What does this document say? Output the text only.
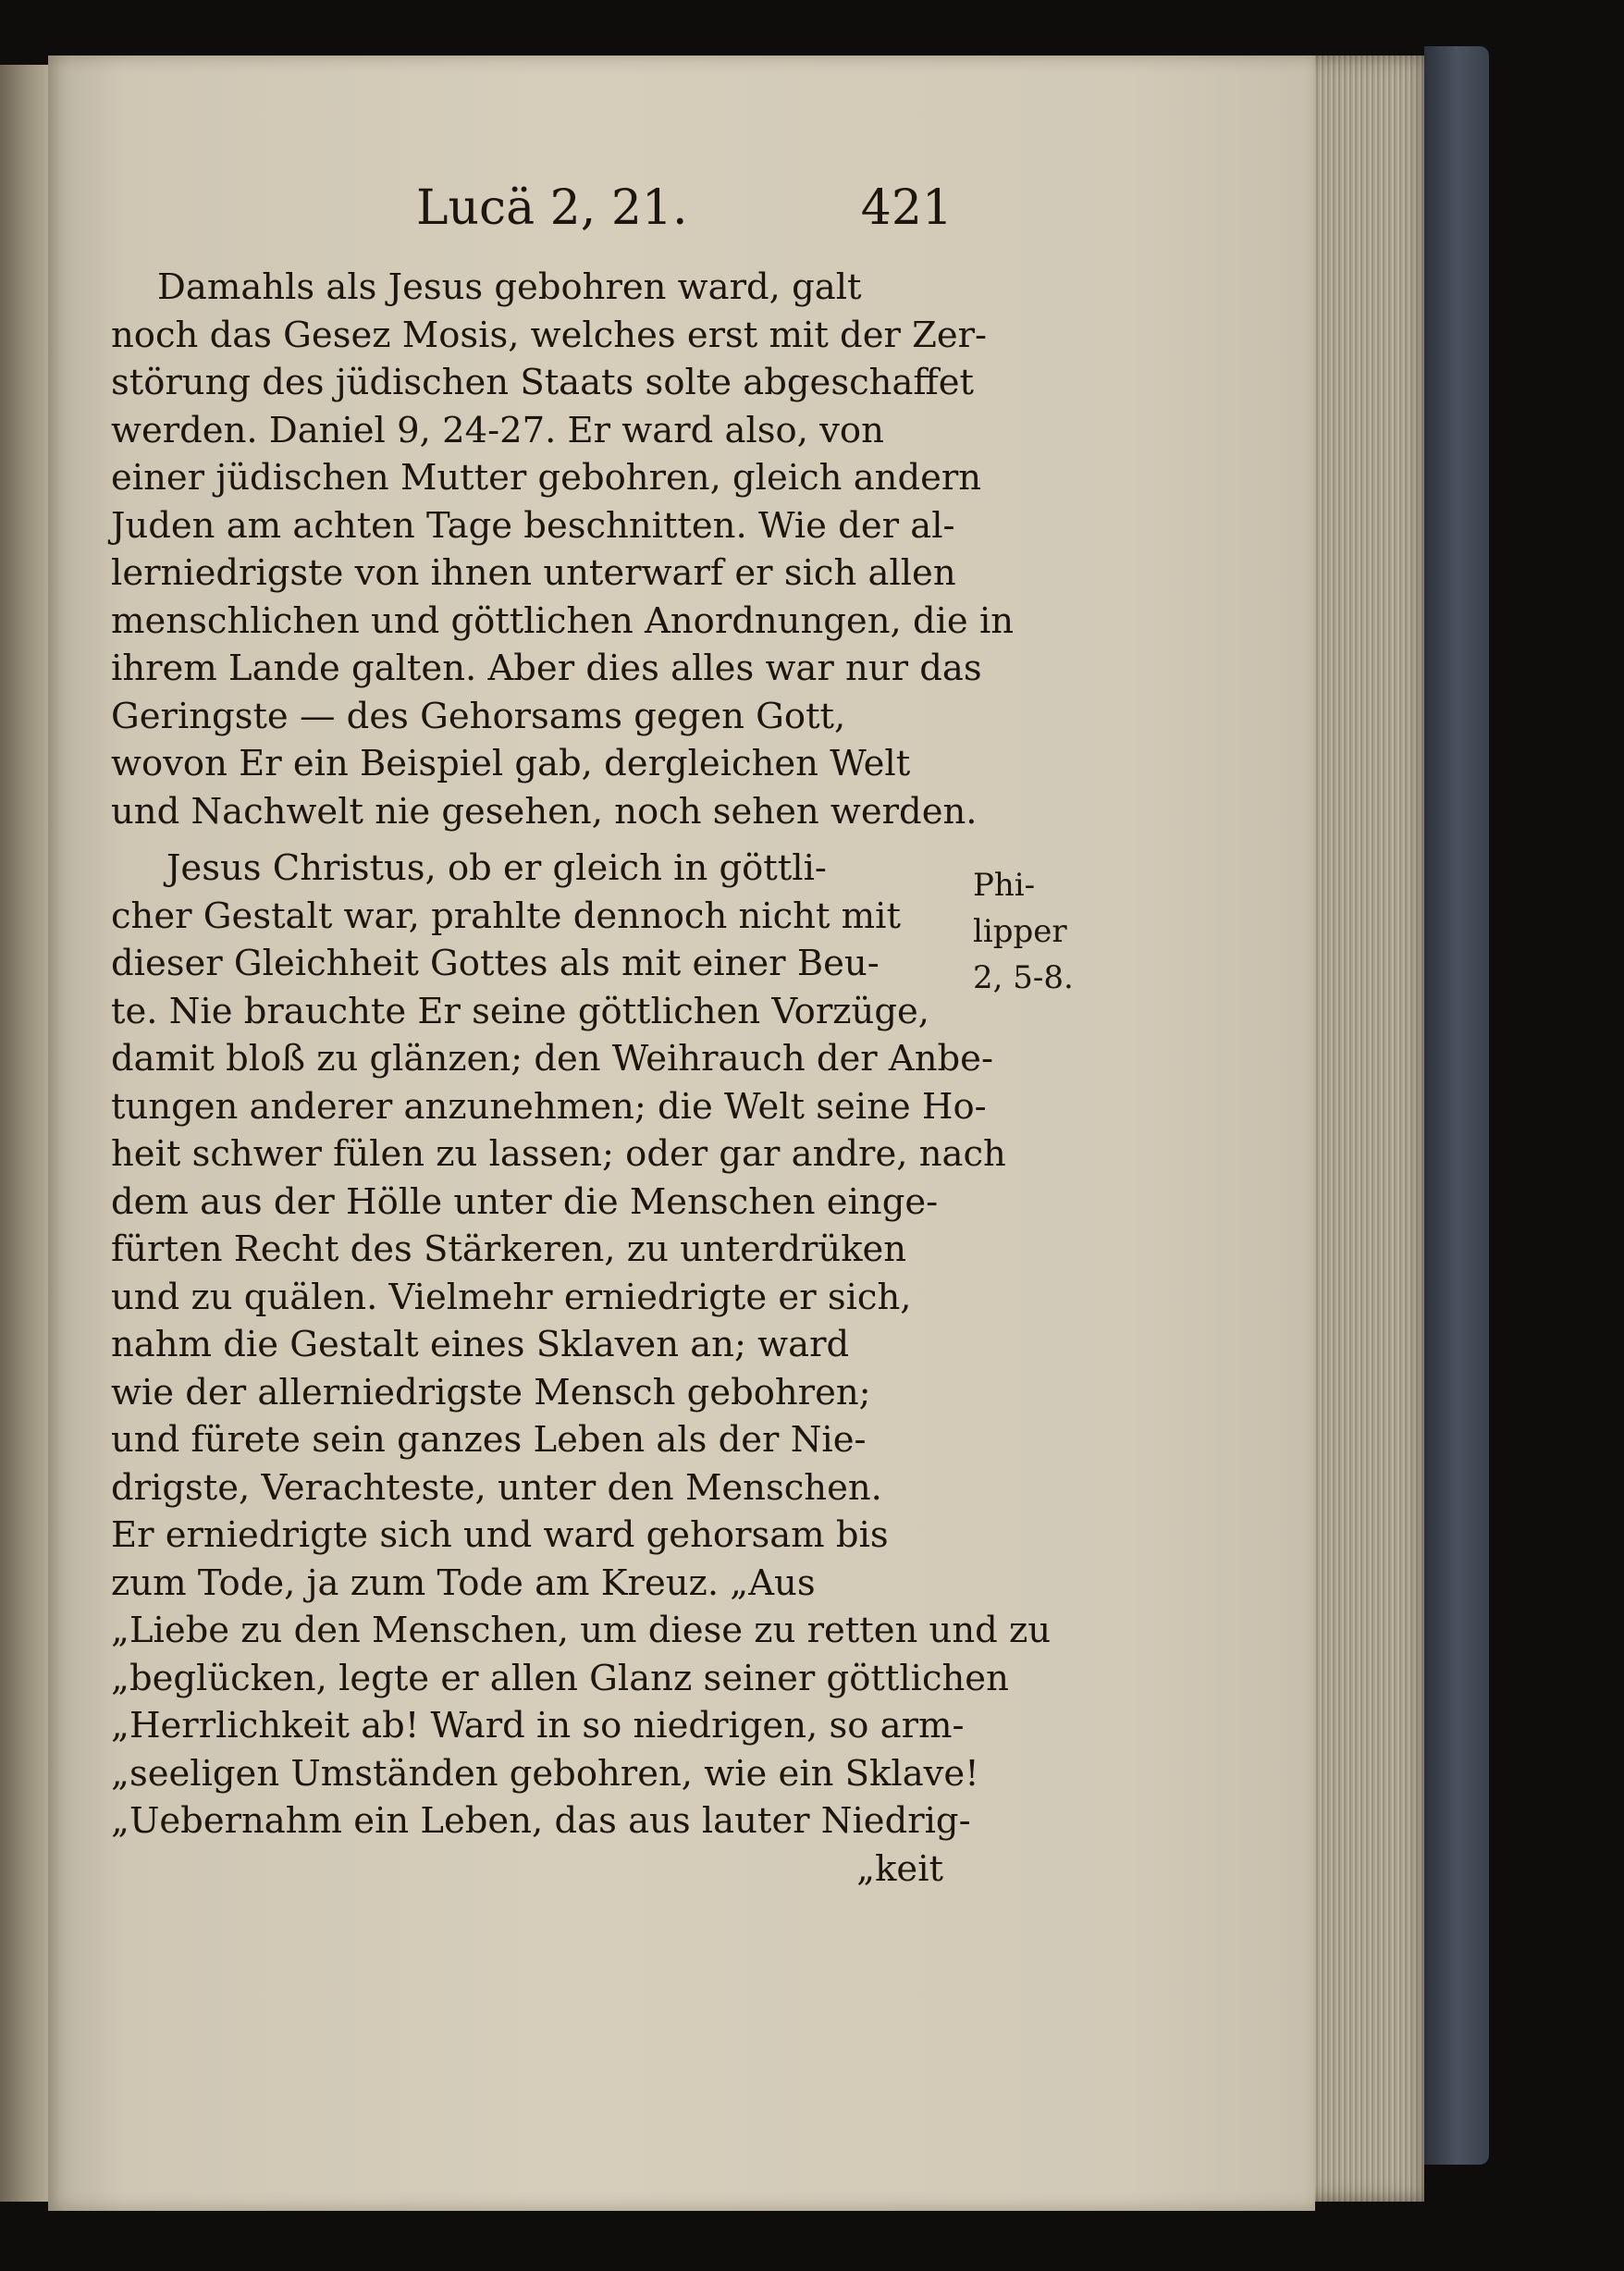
Lucä 2, 21.	421
Damahls als Jesus gebohren ward, galt
noch das Gesez Mosis, welches erst mit der Zer-
störung des jüdischen Staats solte abgeschaffet
werden. Daniel 9, 24-27. Er ward also, von
einer jüdischen Mutter gebohren, gleich andern
Juden am achten Tage beschnitten. Wie der al-
lerniedrigste von ihnen unterwarf er sich allen
menschlichen und göttlichen Anordnungen, die in
ihrem Lande galten. Aber dies alles war nur das
Geringste — des Gehorsams gegen Gott,
wovon Er ein Beispiel gab, dergleichen Welt
und Nachwelt nie gesehen, noch sehen werden.
Jesus Christus, ob er gleich in göttli-
cher Gestalt war, prahlte dennoch nicht mit
dieser Gleichheit Gottes als mit einer Beu-
te. Nie brauchte Er seine göttlichen Vorzüge,
damit bloß zu glänzen; den Weihrauch der Anbe-
tungen anderer anzunehmen; die Welt seine Ho-
heit schwer fülen zu lassen; oder gar andre, nach
dem aus der Hölle unter die Menschen einge-
fürten Recht des Stärkeren, zu unterdrüken
und zu quälen. Vielmehr erniedrigte er sich,
nahm die Gestalt eines Sklaven an; ward
wie der allerniedrigste Mensch gebohren;
und fürete sein ganzes Leben als der Nie-
drigste, Verachteste, unter den Menschen.
Er erniedrigte sich und ward gehorsam bis
zum Tode, ja zum Tode am Kreuz. „Aus
„Liebe zu den Menschen, um diese zu retten und zu
„beglücken, legte er allen Glanz seiner göttlichen
„Herrlichkeit ab! Ward in so niedrigen, so arm-
„seeligen Umständen gebohren, wie ein Sklave!
„Uebernahm ein Leben, das aus lauter Niedrig-
„keit
Phi-
lipper
2, 5-8.
